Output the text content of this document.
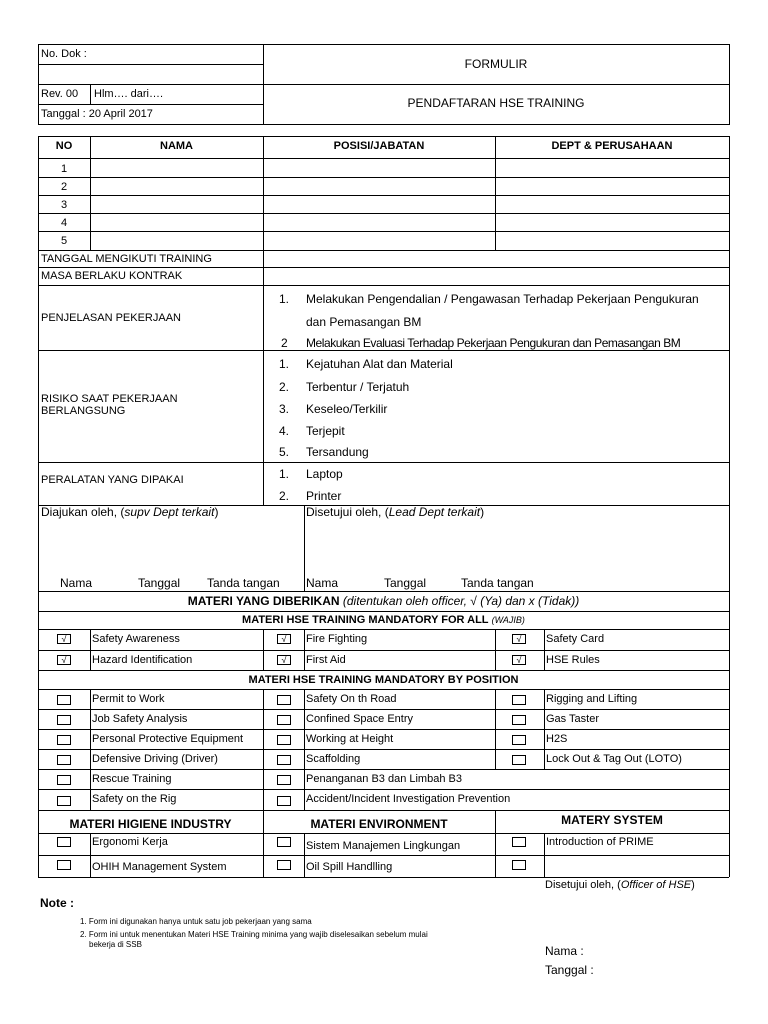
No. Dok :
Rev. 00 Hlm…. dari….
Tanggal : 20 April 2017
FORMULIR
PENDAFTARAN HSE TRAINING
NO	NAMA	POSISI/JABATAN	DEPT & PERUSAHAAN
1
2
3
4
5
TANGGAL MENGIKUTI TRAINING
MASA BERLAKU KONTRAK
PENJELASAN PEKERJAAN
1. Melakukan Pengendalian / Pengawasan Terhadap Pekerjaan Pengukuran
dan Pemasangan BM
2 Melakukan Evaluasi Terhadap Pekerjaan Pengukuran dan Pemasangan BM
RISIKO SAAT PEKERJAAN
BERLANGSUNG
1. Kejatuhan Alat dan Material
2. Terbentur / Terjatuh
3. Keseleo/Terkilir
4. Terjepit
5. Tersandung
PERALATAN YANG DIPAKAI	1. Laptop
2. Printer
Diajukan oleh, (supv Dept terkait)	Disetujui oleh, (Lead Dept terkait)
Nama	Tanggal Tanda tangan Nama	Tanggal	Tanda tangan
MATERI YANG DIBERIKAN (ditentukan oleh officer, √ (Ya) dan x (Tidak))
MATERI HSE TRAINING MANDATORY FOR ALL (WAJIB)
MATERI HSE TRAINING MANDATORY BY POSITION
√	Safety Awareness	√	Fire Fighting	√	Safety Card
√	Hazard Identification	√	First Aid	√	HSE Rules
Permit to Work	Safety On th Road	Rigging and Lifting
Job Safety Analysis	Confined Space Entry	Gas Taster
Personal Protective Equipment	Working at Height	H2S
Defensive Driving (Driver)	Scaffolding	Lock Out & Tag Out (LOTO)
Rescue Training	Penanganan B3 dan Limbah B3
Safety on the Rig	Accident/Incident Investigation Prevention
MATERI HIGIENE INDUSTRY	MATERI ENVIRONMENT	MATERY SYSTEM
Ergonomi Kerja	Sistem Manajemen Lingkungan	Introduction of PRIME
OHIH Management System	Oil Spill Handlling
Disetujui oleh, (Officer of HSE)
Note :
1. Form ini digunakan hanya untuk satu job pekerjaan yang sama
2. Form ini untuk menentukan Materi HSE Training minima yang wajib diselesaikan sebelum mulai
bekerja di SSB	Nama :
Tanggal :
